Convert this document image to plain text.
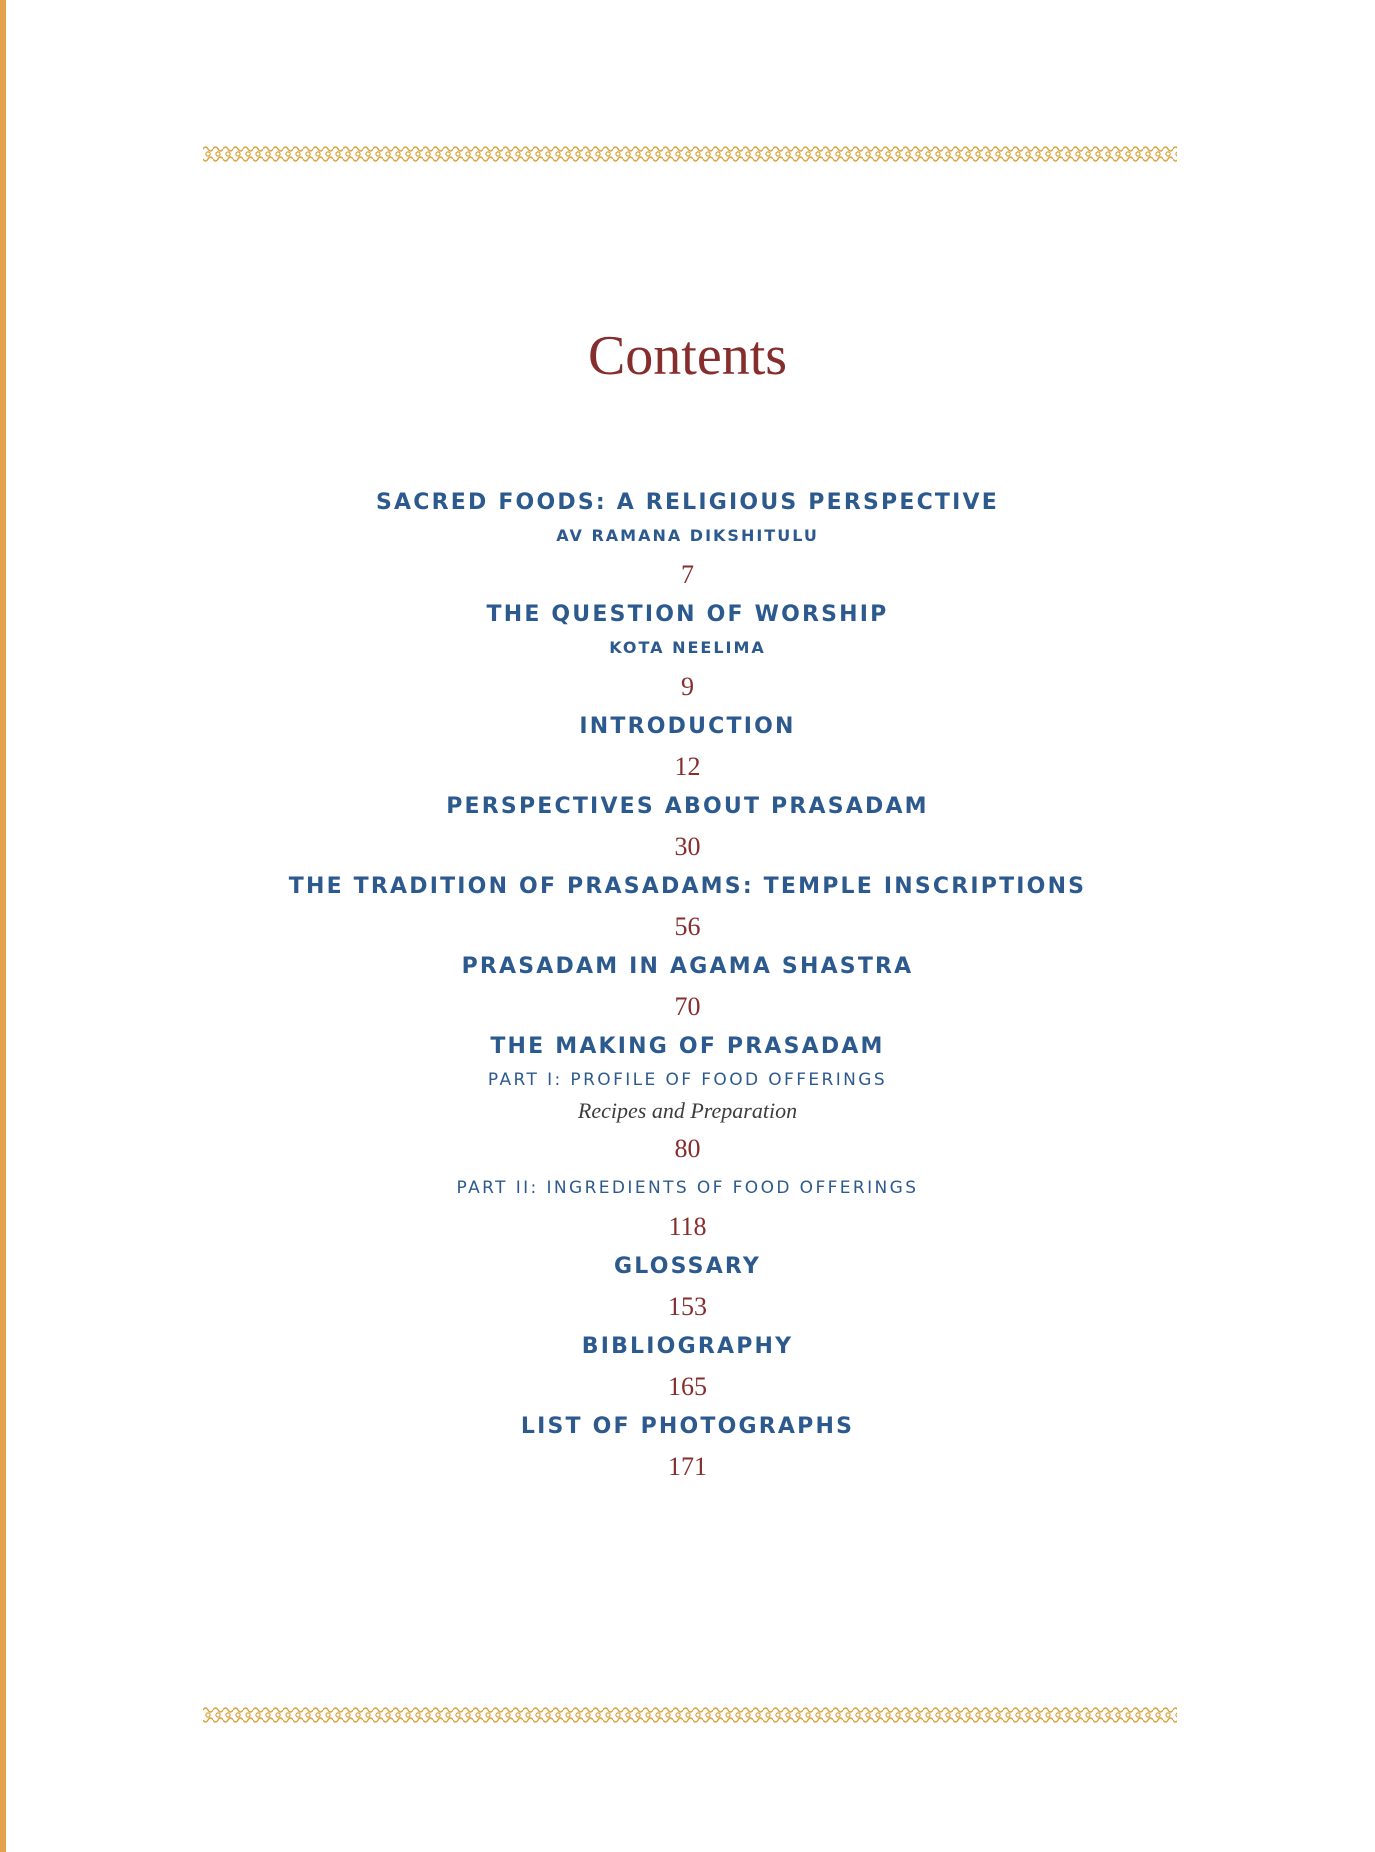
Contents
SACRED FOODS: A RELIGIOUS PERSPECTIVE
AV RAMANA DIKSHITULU
7
THE QUESTION OF WORSHIP
KOTA NEELIMA
9
INTRODUCTION
12
PERSPECTIVES ABOUT PRASADAM
30
THE TRADITION OF PRASADAMS: TEMPLE INSCRIPTIONS
56
PRASADAM IN AGAMA SHASTRA
70
THE MAKING OF PRASADAM
PART I: PROFILE OF FOOD OFFERINGS
Recipes and Preparation
80
PART II: INGREDIENTS OF FOOD OFFERINGS
118
GLOSSARY
153
BIBLIOGRAPHY
165
LIST OF PHOTOGRAPHS
171
